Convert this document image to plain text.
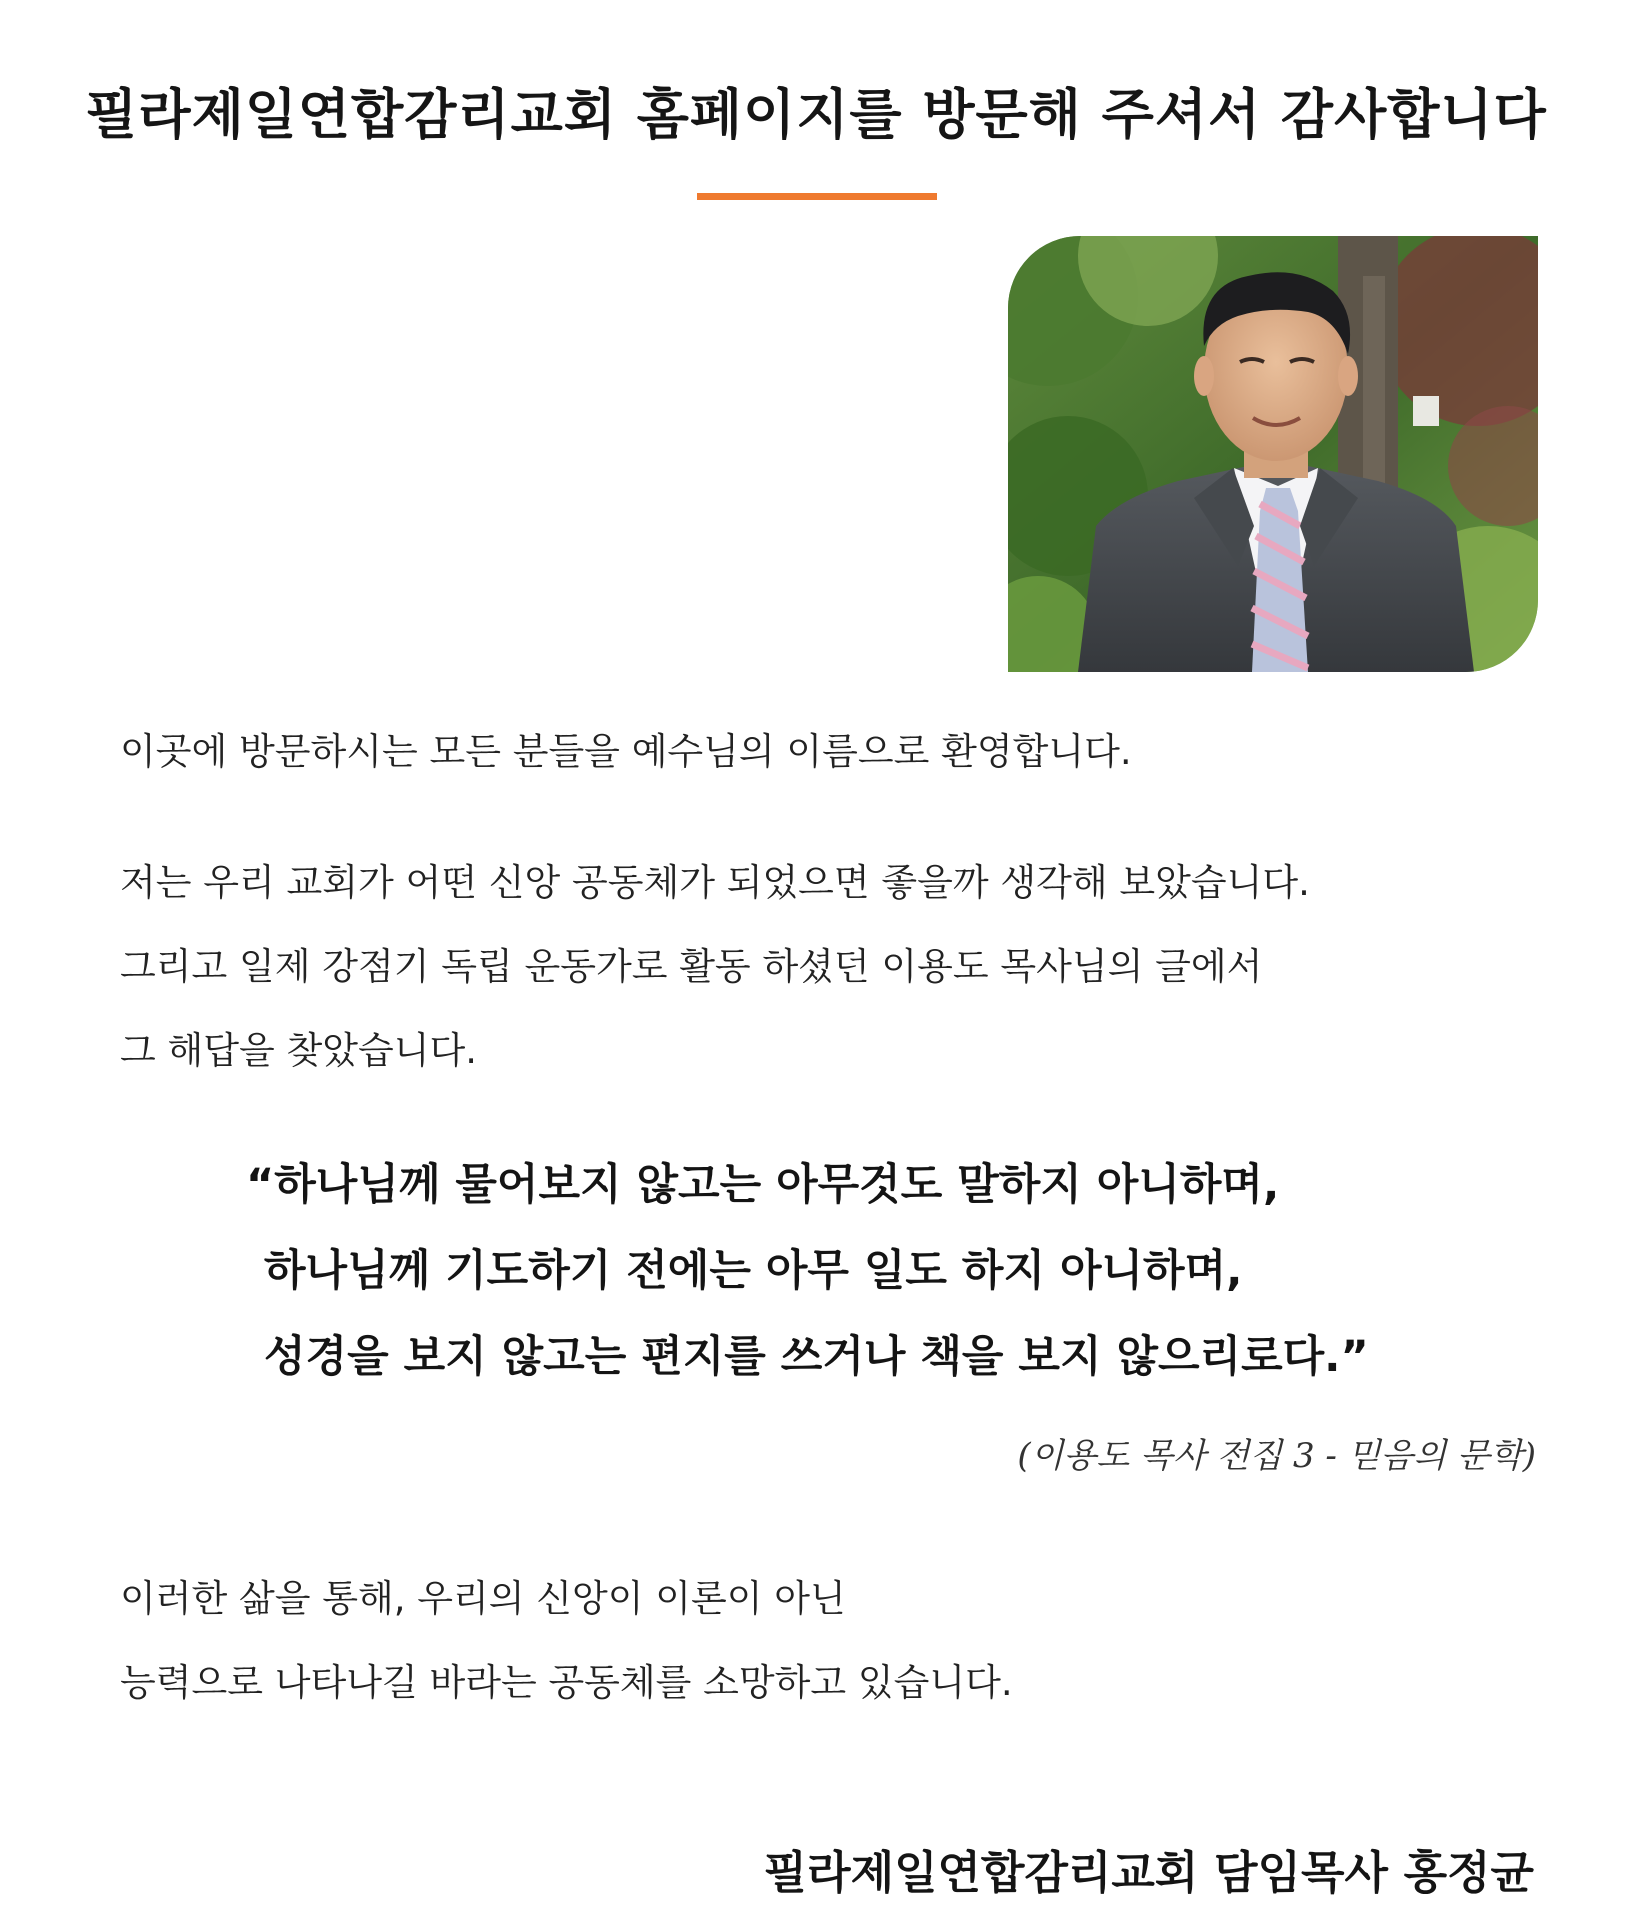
필라제일연합감리교회 홈페이지를 방문해 주셔서 감사합니다
이곳에 방문하시는 모든 분들을 예수님의 이름으로 환영합니다.
저는 우리 교회가 어떤 신앙 공동체가 되었으면 좋을까 생각해 보았습니다.
그리고 일제 강점기 독립 운동가로 활동 하셨던 이용도 목사님의 글에서
그 해답을 찾았습니다.
“하나님께 물어보지 않고는 아무것도 말하지 아니하며,
하나님께 기도하기 전에는 아무 일도 하지 아니하며,
성경을 보지 않고는 편지를 쓰거나 책을 보지 않으리로다.”
(이용도 목사 전집 3 - 믿음의 문학)
이러한 삶을 통해, 우리의 신앙이 이론이 아닌
능력으로 나타나길 바라는 공동체를 소망하고 있습니다.
필라제일연합감리교회 담임목사 홍정균
